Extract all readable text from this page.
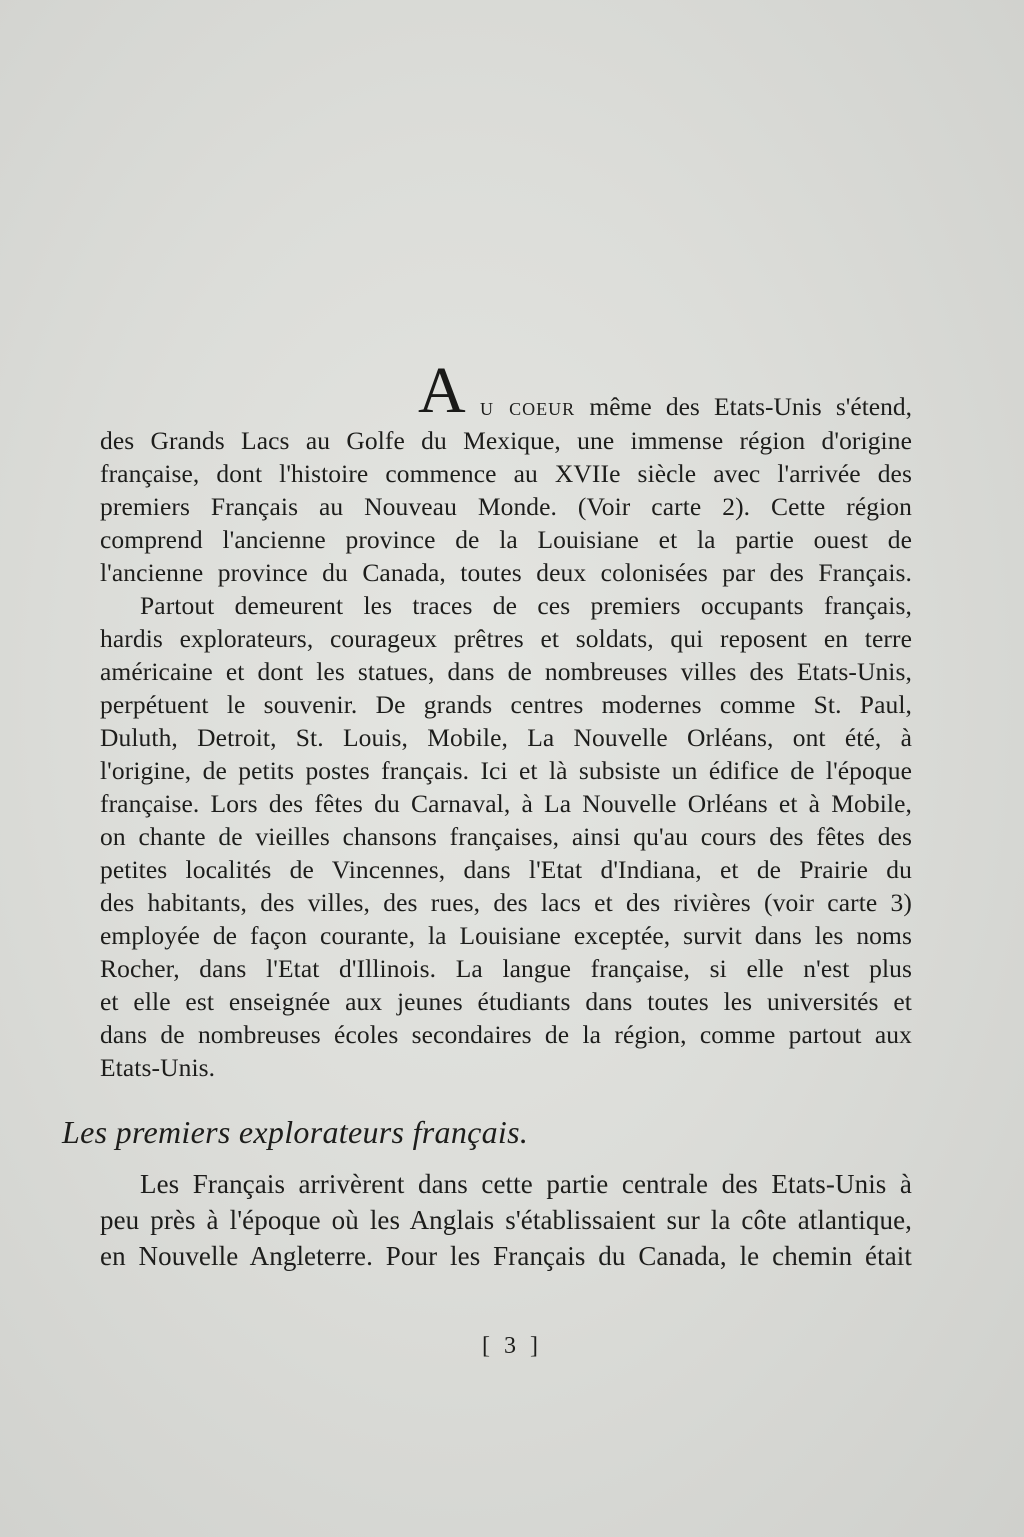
A u coeur même des Etats-Unis s'étend,
des Grands Lacs au Golfe du Mexique, une immense région d'origine
française, dont l'histoire commence au XVIIe siècle avec l'arrivée des
premiers Français au Nouveau Monde. (Voir carte 2). Cette région
comprend l'ancienne province de la Louisiane et la partie ouest de
l'ancienne province du Canada, toutes deux colonisées par des Français.
Partout demeurent les traces de ces premiers occupants français,
hardis explorateurs, courageux prêtres et soldats, qui reposent en terre
américaine et dont les statues, dans de nombreuses villes des Etats-Unis,
perpétuent le souvenir. De grands centres modernes comme St. Paul,
Duluth, Detroit, St. Louis, Mobile, La Nouvelle Orléans, ont été, à
l'origine, de petits postes français. Ici et là subsiste un édifice de l'époque
française. Lors des fêtes du Carnaval, à La Nouvelle Orléans et à Mobile,
on chante de vieilles chansons françaises, ainsi qu'au cours des fêtes des
petites localités de Vincennes, dans l'Etat d'Indiana, et de Prairie du
des habitants, des villes, des rues, des lacs et des rivières (voir carte 3)
employée de façon courante, la Louisiane exceptée, survit dans les noms
Rocher, dans l'Etat d'Illinois. La langue française, si elle n'est plus
et elle est enseignée aux jeunes étudiants dans toutes les universités et
dans de nombreuses écoles secondaires de la région, comme partout aux
Etats-Unis.
Les premiers explorateurs français.
Les Français arrivèrent dans cette partie centrale des Etats-Unis à
peu près à l'époque où les Anglais s'établissaient sur la côte atlantique,
en Nouvelle Angleterre. Pour les Français du Canada, le chemin était
[ 3 ]
